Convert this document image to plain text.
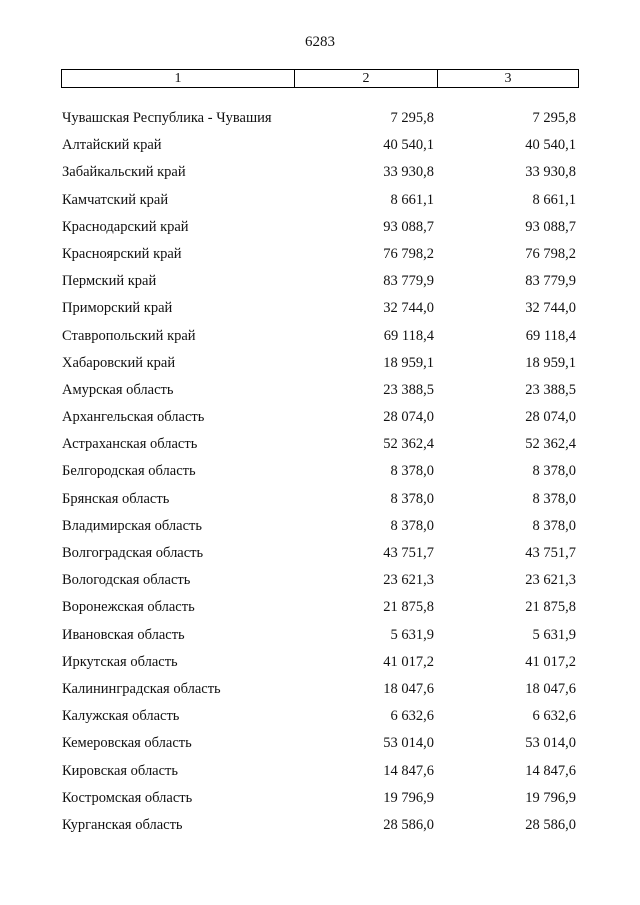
6283
1	2	3
Чувашская Республика - Чувашия	7 295,8	7 295,8
Алтайский край	40 540,1	40 540,1
Забайкальский край	33 930,8	33 930,8
Камчатский край	8 661,1	8 661,1
Краснодарский край	93 088,7	93 088,7
Красноярский край	76 798,2	76 798,2
Пермский край	83 779,9	83 779,9
Приморский край	32 744,0	32 744,0
Ставропольский край	69 118,4	69 118,4
Хабаровский край	18 959,1	18 959,1
Амурская область	23 388,5	23 388,5
Архангельская область	28 074,0	28 074,0
Астраханская область	52 362,4	52 362,4
Белгородская область	8 378,0	8 378,0
Брянская область	8 378,0	8 378,0
Владимирская область	8 378,0	8 378,0
Волгоградская область	43 751,7	43 751,7
Вологодская область	23 621,3	23 621,3
Воронежская область	21 875,8	21 875,8
Ивановская область	5 631,9	5 631,9
Иркутская область	41 017,2	41 017,2
Калининградская область	18 047,6	18 047,6
Калужская область	6 632,6	6 632,6
Кемеровская область	53 014,0	53 014,0
Кировская область	14 847,6	14 847,6
Костромская область	19 796,9	19 796,9
Курганская область	28 586,0	28 586,0
